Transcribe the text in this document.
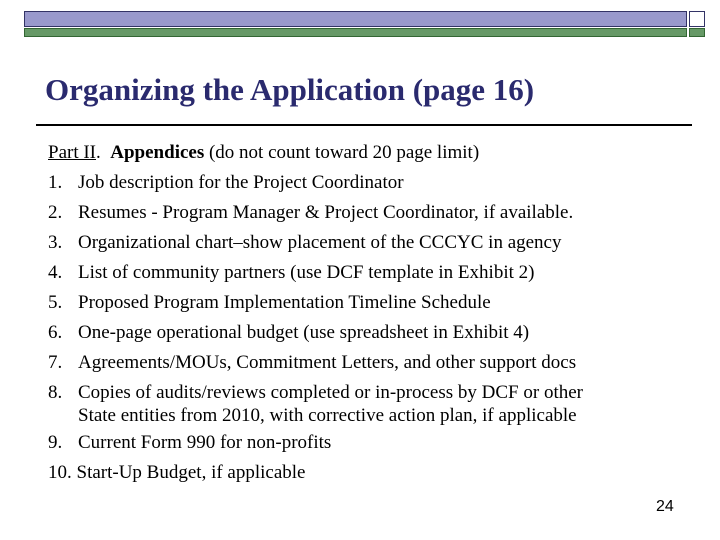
Organizing the Application (page 16)
Part II. Appendices (do not count toward 20 page limit)
1. Job description for the Project Coordinator
2. Resumes - Program Manager & Project Coordinator, if available.
3. Organizational chart–show placement of the CCCYC in agency
4. List of community partners (use DCF template in Exhibit 2)
5. Proposed Program Implementation Timeline Schedule
6. One-page operational budget (use spreadsheet in Exhibit 4)
7. Agreements/MOUs, Commitment Letters, and other support docs
8. Copies of audits/reviews completed or in-process by DCF or other
State entities from 2010, with corrective action plan, if applicable
9. Current Form 990 for non-profits
10. Start-Up Budget, if applicable
24
